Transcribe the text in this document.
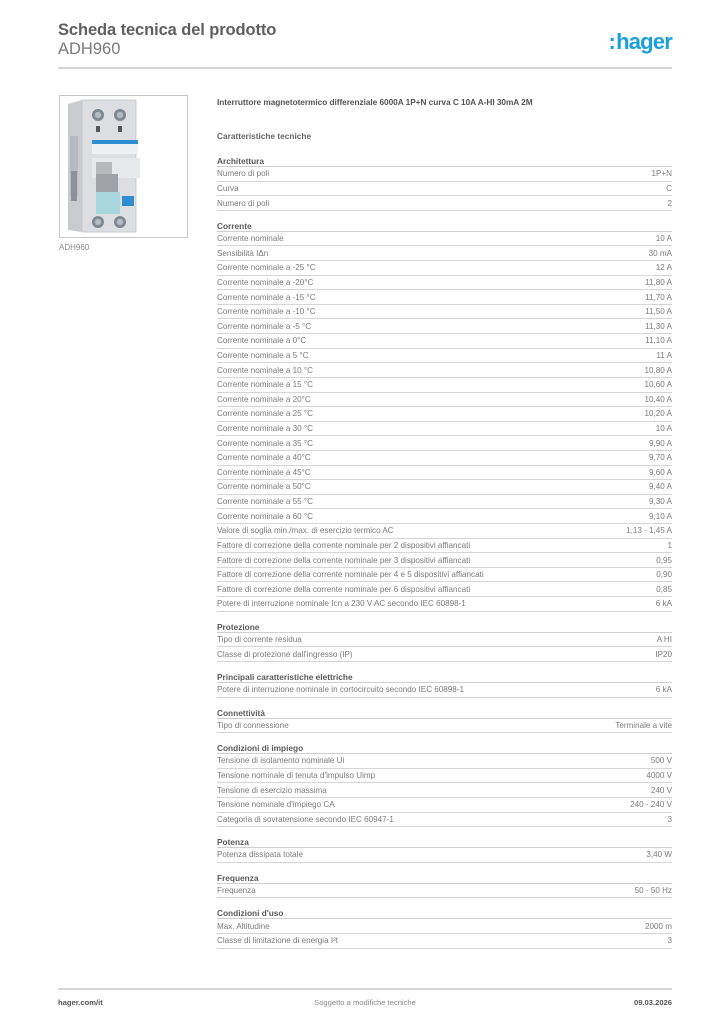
Scheda tecnica del prodotto
ADH960	:hager
ADH960
Interruttore magnetotermico differenziale 6000A 1P+N curva C 10A A-HI 30mA 2M
Caratteristiche tecniche
Architettura
Numero di poli	1P+N
Curva	C
Numero di poli	2
Corrente
Corrente nominale	10 A
Sensibilità IΔn	30 mA
Corrente nominale a -25 °C	12 A
Corrente nominale a -20°C	11,80 A
Corrente nominale a -15 °C	11,70 A
Corrente nominale a -10 °C	11,50 A
Corrente nominale a -5 °C	11,30 A
Corrente nominale a 0°C	11,10 A
Corrente nominale a 5 °C	11 A
Corrente nominale a 10 °C	10,80 A
Corrente nominale a 15 °C	10,60 A
Corrente nominale a 20°C	10,40 A
Corrente nominale a 25 °C	10,20 A
Corrente nominale a 30 °C	10 A
Corrente nominale a 35 °C	9,90 A
Corrente nominale a 40°C	9,70 A
Corrente nominale a 45°C	9,60 A
Corrente nominale a 50°C	9,40 A
Corrente nominale a 55 °C	9,30 A
Corrente nominale a 60 °C	9,10 A
Valore di soglia min./max. di esercizio termico AC	1,13 - 1,45 A
Fattore di correzione della corrente nominale per 2 dispositivi affiancati	1
Fattore di correzione della corrente nominale per 3 dispositivi affiancati	0,95
Fattore di correzione della corrente nominale per 4 e 5 dispositivi affiancati	0,90
Fattore di correzione della corrente nominale per 6 dispositivi affiancati	0,85
Potere di interruzione nominale Icn a 230 V AC secondo IEC 60898-1	6 kA
Protezione
Tipo di corrente residua	A HI
Classe di protezione dall'ingresso (IP)	IP20
Principali caratteristiche elettriche
Potere di interruzione nominale in cortocircuito secondo IEC 60898-1	6 kA
Connettività
Tipo di connessione	Terminale a vite
Condizioni di impiego
Tensione di isolamento nominale Ui	500 V
Tensione nominale di tenuta d'impulso Uimp	4000 V
Tensione di esercizio massima	240 V
Tensione nominale d'impiego CA	240 - 240 V
Categoria di sovratensione secondo IEC 60947-1	3
Potenza
Potenza dissipata totale	3,40 W
Frequenza
Frequenza	50 - 50 Hz
Condizioni d'uso
Max. Altitudine	2000 m
Classe di limitazione di energia I²t	3
hager.com/it	Soggetto a modifiche tecniche	09.03.2026
